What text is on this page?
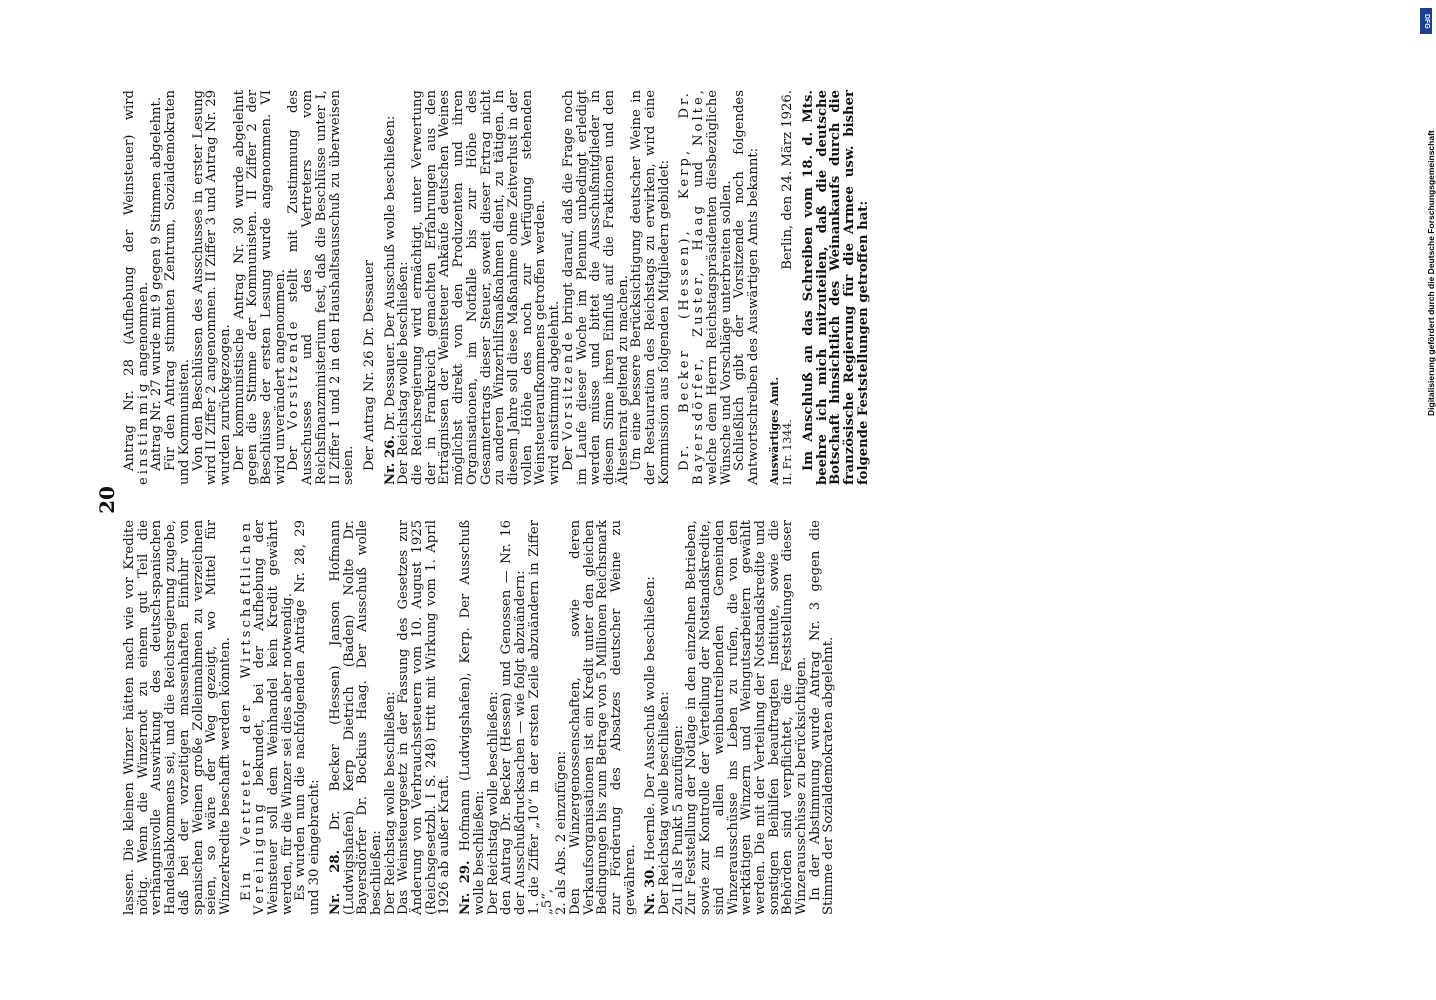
20

lassen. Die kleinen Winzer hätten nach wie vor Kredite nötig. Wenn die Winzernot zu einem gut Teil die verhängnisvolle Auswirkung des deutsch-spanischen Handelsabkommens sei, und die Reichsregierung zugebe, daß bei der vorzeitigen massenhaften Einfuhr von spanischen Weinen große Zolleinnahmen zu verzeichnen seien, so wäre der Weg gezeigt, wo Mittel für Winzerkredite beschafft werden könnten. Ein Vertreter der Wirtschaftlichen Vereinigung bekundet, bei der Aufhebung der Weinsteuer soll dem Weinhandel kein Kredit gewährt werden, für die Winzer sei dies aber notwendig.

Es wurden nun die nachfolgenden Anträge Nr. 28, 29 und 30 eingebracht: Nr. 28. Dr. Becker (Hessen) Janson Hofmann (Ludwigshafen) Kerp Dietrich (Baden) Nolte Dr. Bayersdörfer Dr. Bockius Haag. Der Ausschuß wolle beschließen:

Der Reichstag wolle beschließen:

Das Weinsteuergesetz in der Fassung des Gesetzes zur Änderung von Verbrauchssteuern vom 10. August 1925 (Reichsgesetzbl. I S. 248) tritt mit Wirkung vom 1. April 1926 ab außer Kraft. Nr. 29. Hofmann (Ludwigshafen), Kerp. Der Ausschuß wolle beschließen:

Der Reichstag wolle beschließen:

den Antrag Dr. Becker (Hessen) und Genossen — Nr. 16 der Ausschußdrucksachen — wie folgt abzuändern:

1. die Ziffer „10“ in der ersten Zeile abzuändern in Ziffer „5“,

2. als Abs. 2 einzufügen:

Den Winzergenossenschaften, sowie deren Verkaufsorganisationen ist ein Kredit unter den gleichen Bedingungen bis zum Betrage von 5 Millionen Reichsmark zur Förderung des Absatzes deutscher Weine zu gewähren. Nr. 30. Hoernle. Der Ausschuß wolle beschließen:

Der Reichstag wolle beschließen:

Zu II als Punkt 5 anzufügen:

Zur Feststellung der Notlage in den einzelnen Betrieben, sowie zur Kontrolle der Verteilung der Notstandskredite, sind in allen weinbautreibenden Gemeinden Winzerausschüsse ins Leben zu rufen, die von den werktätigen Winzern und Weingutsarbeitern gewählt werden. Die mit der Verteilung der Notstandskredite und sonstigen Beihilfen beauftragten Institute, sowie die Behörden sind verpflichtet, die Feststellungen dieser Winzerausschüsse zu berücksichtigen.

In der Abstimmung wurde Antrag Nr. 3 gegen die Stimme der Sozialdemokraten abgelehnt.

Antrag Nr. 28 (Aufhebung der Weinsteuer) wird einstimmig angenommen.

Antrag Nr. 27 wurde mit 9 gegen 9 Stimmen abgelehnt.

Für den Antrag stimmten Zentrum, Sozialdemokraten und Kommunisten.

Von den Beschlüssen des Ausschusses in erster Lesung wird II Ziffer 2 angenommen. II Ziffer 3 und Antrag Nr. 29 wurden zurückgezogen.

Der kommunistische Antrag Nr. 30 wurde abgelehnt gegen die Stimme der Kommunisten. II Ziffer 2 der Beschlüsse der ersten Lesung wurde angenommen. VI wird unverändert angenommen.

Der Vorsitzende stellt mit Zustimmung des Ausschusses und des Vertreters vom Reichsfinanzministerium fest, daß die Beschlüsse unter I, II Ziffer 1 und 2 in den Haushaltsausschuß zu überweisen seien. Der Antrag Nr. 26 Dr. Dessauer Nr. 26. Dr. Dessauer. Der Ausschuß wolle beschließen:

Der Reichstag wolle beschließen:

die Reichsregierung wird ermächtigt, unter Verwertung der in Frankreich gemachten Erfahrungen aus den Erträgnissen der Weinsteuer Ankäufe deutschen Weines möglichst direkt von den Produzenten und ihren Organisationen, im Notfalle bis zur Höhe des Gesamtertrags dieser Steuer, soweit dieser Ertrag nicht zu anderen Winzerhilfsmaßnahmen dient, zu tätigen. In diesem Jahre soll diese Maßnahme ohne Zeitverlust in der vollen Höhe des noch zur Verfügung stehenden Weinsteueraufkommens getroffen werden.

wird einstimmig abgelehnt.

Der Vorsitzende bringt darauf, daß die Frage noch im Laufe dieser Woche im Plenum unbedingt erledigt werden müsse und bittet die Ausschußmitglieder in diesem Sinne ihren Einfluß auf die Fraktionen und den Ältestenrat geltend zu machen.

Um eine bessere Berücksichtigung deutscher Weine in der Restauration des Reichstags zu erwirken, wird eine Kommission aus folgenden Mitgliedern gebildet: Dr. Becker (Hessen), Kerp, Dr. Bayersdörfer, Zuster, Haag und Nolte, welche dem Herrn Reichstagspräsidenten diesbezügliche Wünsche und Vorschläge unterbreiten sollen.

Schließlich gibt der Vorsitzende noch folgendes Antwortschreiben des Auswärtigen Amts bekannt: Auswärtiges Amt. II. Fr. 1344.
Berlin, den 24. März 1926. Im Anschluß an das Schreiben vom 18. d. Mts. beehre ich mich mitzuteilen, daß die deutsche Botschaft hinsichtlich des Weinankaufs durch die französische Regierung für die Armee usw. bisher folgende Feststellungen getroffen hat:

DFG
Digitalisierung gefördert durch die Deutsche Forschungsgemeinschaft
